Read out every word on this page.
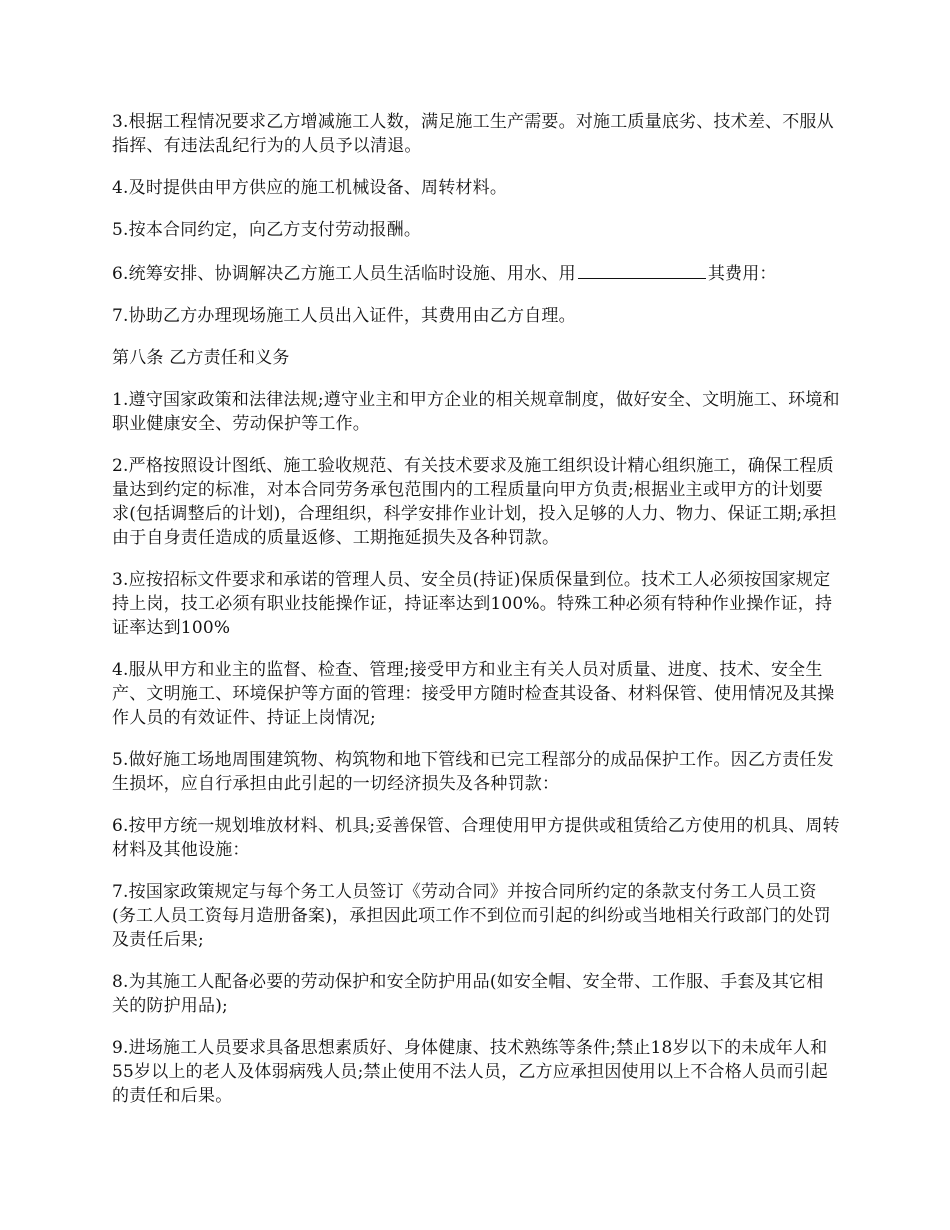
3.根据工程情况要求乙方增减施工人数，满足施工生产需要。对施工质量底劣、技术差、不服从指挥、有违法乱纪行为的人员予以清退。

4.及时提供由甲方供应的施工机械设备、周转材料。

5.按本合同约定，向乙方支付劳动报酬。

6.统筹安排、协调解决乙方施工人员生活临时设施、用水、用	其费用：

7.协助乙方办理现场施工人员出入证件，其费用由乙方自理。

第八条 乙方责任和义务

1.遵守国家政策和法律法规;遵守业主和甲方企业的相关规章制度，做好安全、文明施工、环境和职业健康安全、劳动保护等工作。

2.严格按照设计图纸、施工验收规范、有关技术要求及施工组织设计精心组织施工，确保工程质量达到约定的标准，对本合同劳务承包范围内的工程质量向甲方负责;根据业主或甲方的计划要求(包括调整后的计划)，合理组织，科学安排作业计划，投入足够的人力、物力、保证工期;承担由于自身责任造成的质量返修、工期拖延损失及各种罚款。

3.应按招标文件要求和承诺的管理人员、安全员(持证)保质保量到位。技术工人必须按国家规定持上岗，技工必须有职业技能操作证，持证率达到100%。特殊工种必须有特种作业操作证，持证率达到100%

4.服从甲方和业主的监督、检查、管理;接受甲方和业主有关人员对质量、进度、技术、安全生产、文明施工、环境保护等方面的管理：接受甲方随时检查其设备、材料保管、使用情况及其操作人员的有效证件、持证上岗情况;

5.做好施工场地周围建筑物、构筑物和地下管线和已完工程部分的成品保护工作。因乙方责任发生损坏，应自行承担由此引起的一切经济损失及各种罚款：

6.按甲方统一规划堆放材料、机具;妥善保管、合理使用甲方提供或租赁给乙方使用的机具、周转材料及其他设施：

7.按国家政策规定与每个务工人员签订《劳动合同》并按合同所约定的条款支付务工人员工资(务工人员工资每月造册备案)，承担因此项工作不到位而引起的纠纷或当地相关行政部门的处罚及责任后果;

8.为其施工人配备必要的劳动保护和安全防护用品(如安全帽、安全带、工作服、手套及其它相关的防护用品);

9.进场施工人员要求具备思想素质好、身体健康、技术熟练等条件;禁止18岁以下的未成年人和55岁以上的老人及体弱病残人员;禁止使用不法人员，乙方应承担因使用以上不合格人员而引起的责任和后果。
